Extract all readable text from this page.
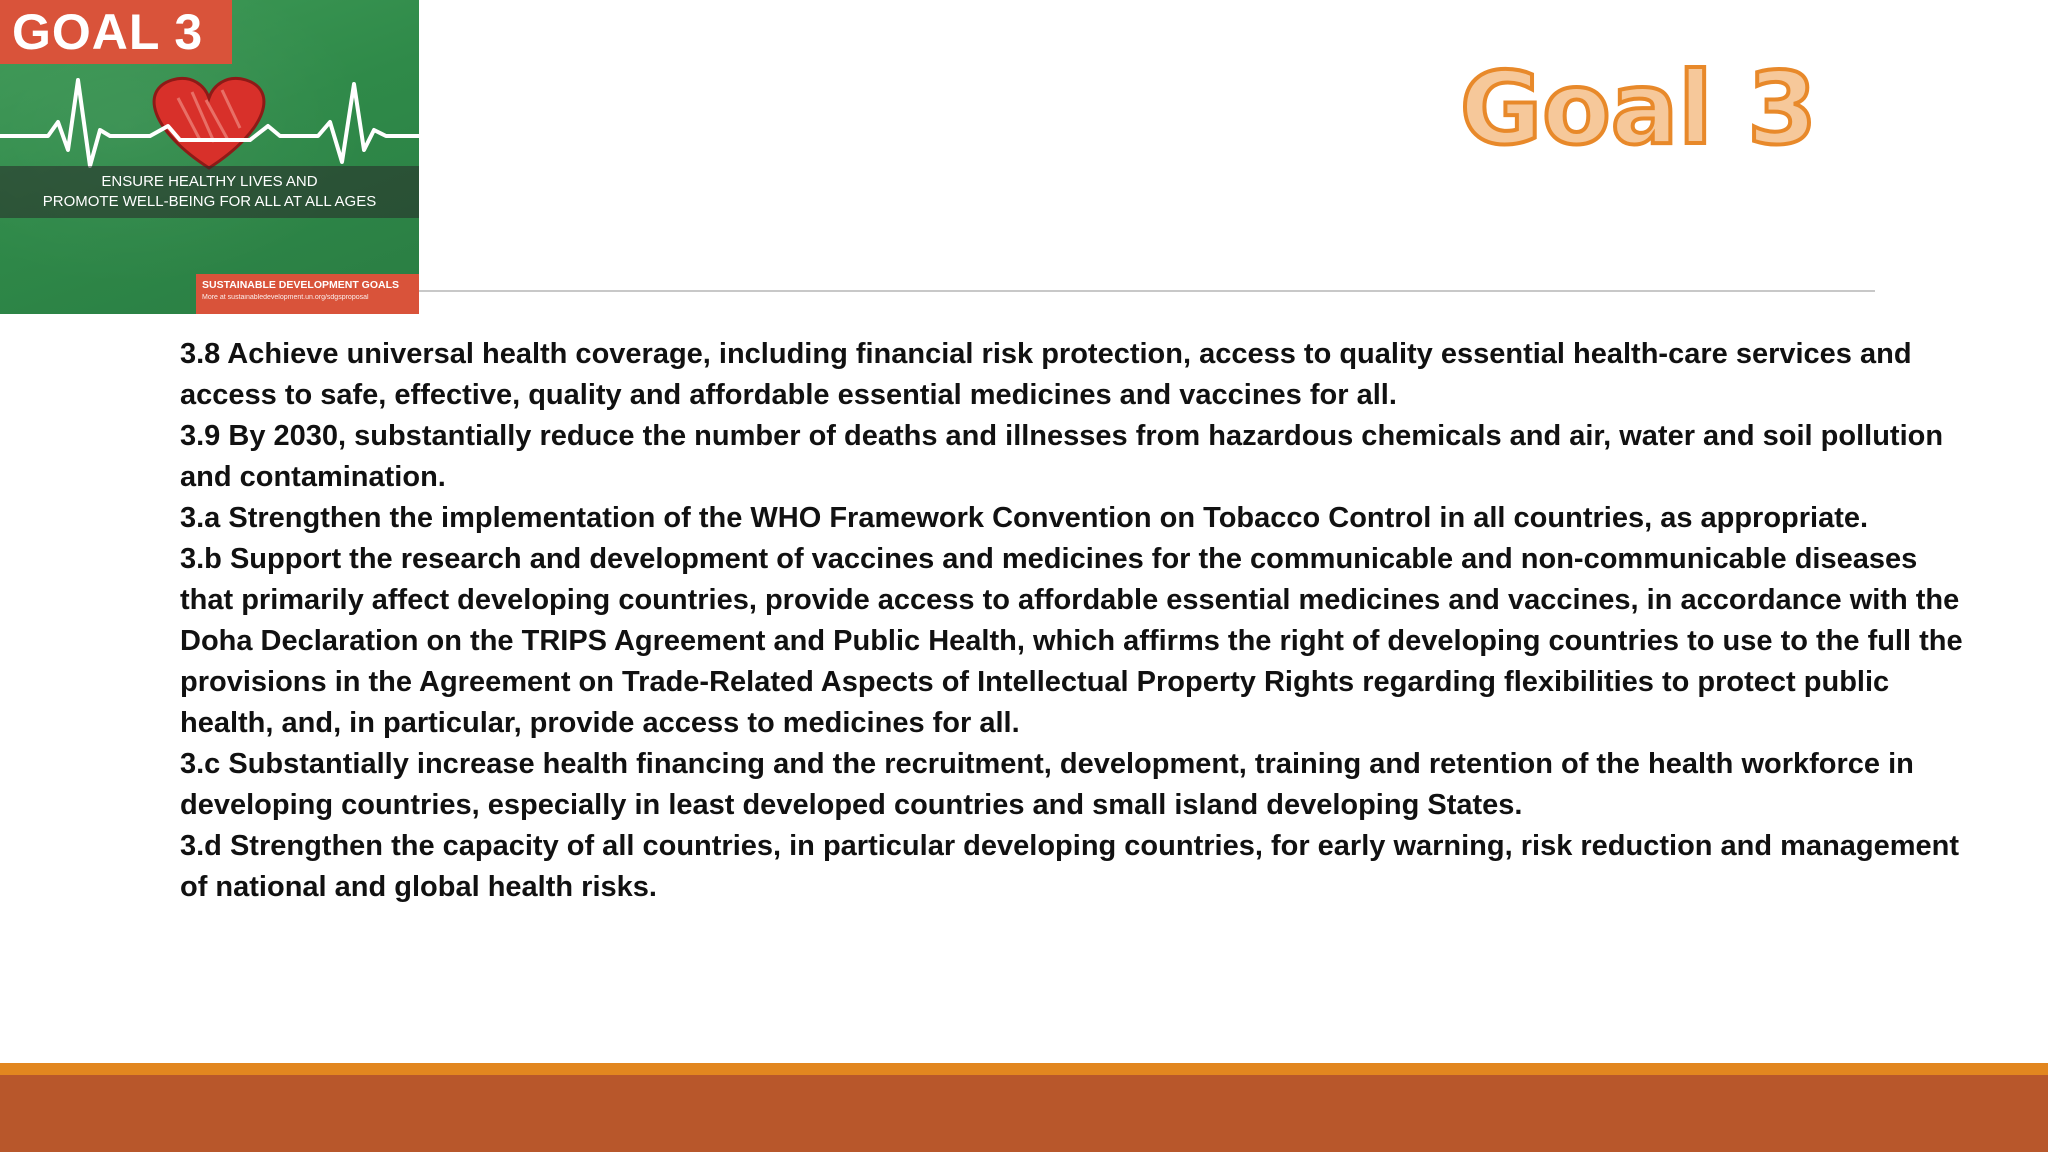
GOAL 3
ENSURE HEALTHY LIVES AND
PROMOTE WELL-BEING FOR ALL AT ALL AGES
SUSTAINABLE DEVELOPMENT GOALS
More at sustainabledevelopment.un.org/sdgsproposal
Goal 3

3.8 Achieve universal health coverage, including financial risk protection, access to quality essential health-care services and access to safe, effective, quality and affordable essential medicines and vaccines for all.

3.9 By 2030, substantially reduce the number of deaths and illnesses from hazardous chemicals and air, water and soil pollution and contamination.

3.a Strengthen the implementation of the WHO Framework Convention on Tobacco Control in all countries, as appropriate.

3.b Support the research and development of vaccines and medicines for the communicable and non-communicable diseases that primarily affect developing countries, provide access to affordable essential medicines and vaccines, in accordance with the Doha Declaration on the TRIPS Agreement and Public Health, which affirms the right of developing countries to use to the full the provisions in the Agreement on Trade-Related Aspects of Intellectual Property Rights regarding flexibilities to protect public health, and, in particular, provide access to medicines for all.

3.c Substantially increase health financing and the recruitment, development, training and retention of the health workforce in developing countries, especially in least developed countries and small island developing States.

3.d Strengthen the capacity of all countries, in particular developing countries, for early warning, risk reduction and management of national and global health risks.
